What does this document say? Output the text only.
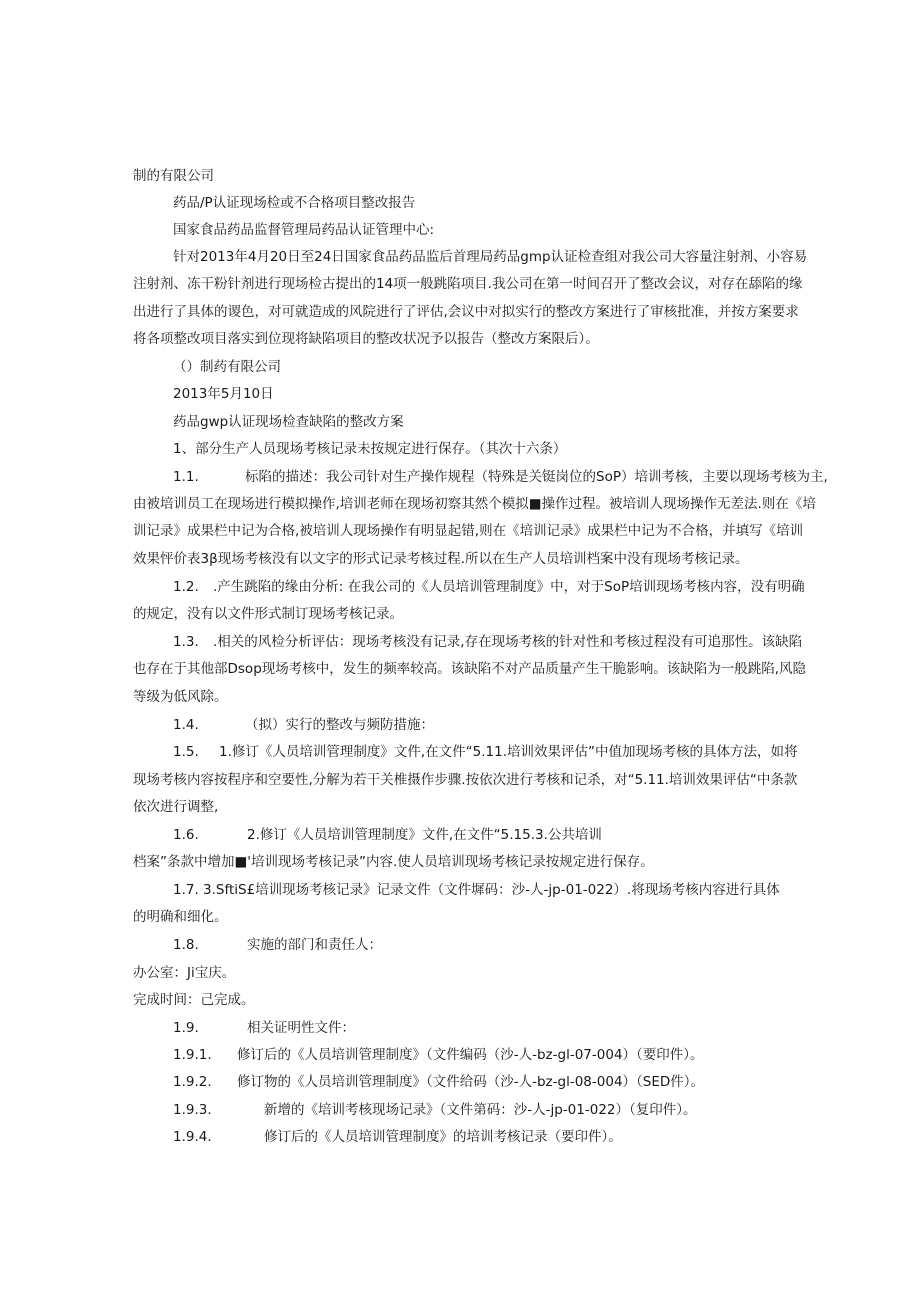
制的有限公司

药品/P认证现场检或不合格项目整改报告

国家食品药品监督管理局药品认证管理中心:

针对2013年4月20日至24日国家食品药品监后首理局药品gmp认证检查组对我公司大容量注射剂、小容易

注射剂、冻干粉针剂进行现场检古提出的14项一般跳陷项目.我公司在第一时间召开了整改会议，对存在舔陷的缘

出进行了具体的谡色，对可就造成的风院进行了评估,会议中对拟实行的整改方案进行了审核批准，并按方案要求

将各项整改项目落实到位现将缺陷项目的整改状况予以报告（整改方案限后）。

（）制药有限公司

2013年5月10日

药品gwp认证现场检查缺陷的整改方案

1、部分生产人员现场考核记录未按规定进行保存。（其次十六条）

1.1.	标陷的描述：我公司针对生产操作规程（特殊是关铤岗位的SoP）培训考核，主要以现场考核为主,

由被培训员工在现场进行模拟操作,培训老师在现场初察其然个模拟■操作过程。被培训人现场操作无差法.则在《培

训记录》成果栏中记为合格,被培训人现场操作有明显起错,则在《培训记录》成果栏中记为不合格，并填写《培训

效果怦价表3β现场考核没有以文字的形式记录考核过程.所以在生产人员培训档案中没有现场考核记录。

1.2. .产生跳陷的缘由分析: 在我公司的《人员培训管理制度》中，对于SoP培训现场考核内容，没有明确

的规定，没有以文件形式制订现场考核记录。

1.3. .相关的风检分析评估：现场考核没有记录,存在现场考核的针对性和考核过程没有可追那性。该缺陷

也存在于其他部Dsop现场考核中，发生的频率较高。该缺陷不对产品质量产生干脆影响。该缺陷为一般跳陷,风隐

等级为低风除。

1.4.	（拟）实行的整改与频防措施：

1.5. 1.修订《人员培训管理制度》文件,在文件“5.11.培训效果评估”中值加现场考核的具体方法，如将

现场考核内容按程序和空要性,分解为若干关椎摄作步骤.按依次进行考核和记杀，对“5.11.培训效果评估“中条款

依次进行调整,

1.6.	2.修订《人员培训管理制度》文件,在文件“5.15.3.公共培训

档案”条款中增加■'培训现场考核记录”内容.使人员培训现场考核记录按规定进行保存。

1.7. 3.SftiS£培训现场考核记录》记录文件（文件墀码：沙-人-jp-01-022）.将现场考核内容进行具体

的明确和细化。

1.8.	实施的部门和责任人：

办公室：Ji宝庆。

完成时间：己完成。

1.9.	相关证明性文件：

1.9.1. 修订后的《人员培训管理制度》（文件编码（沙-人-bz-gl-07-004）（要印件）。

1.9.2. 修订物的《人员培训管理制度》（文件给码（沙-人-bz-gl-08-004）（SED件）。

1.9.3.	新增的《培训考核现场记录》（文件第码：沙-人-jp-01-022）（复印件）。

1.9.4.	修订后的《人员培训管理制度》的培训考核记录（要印件）。
